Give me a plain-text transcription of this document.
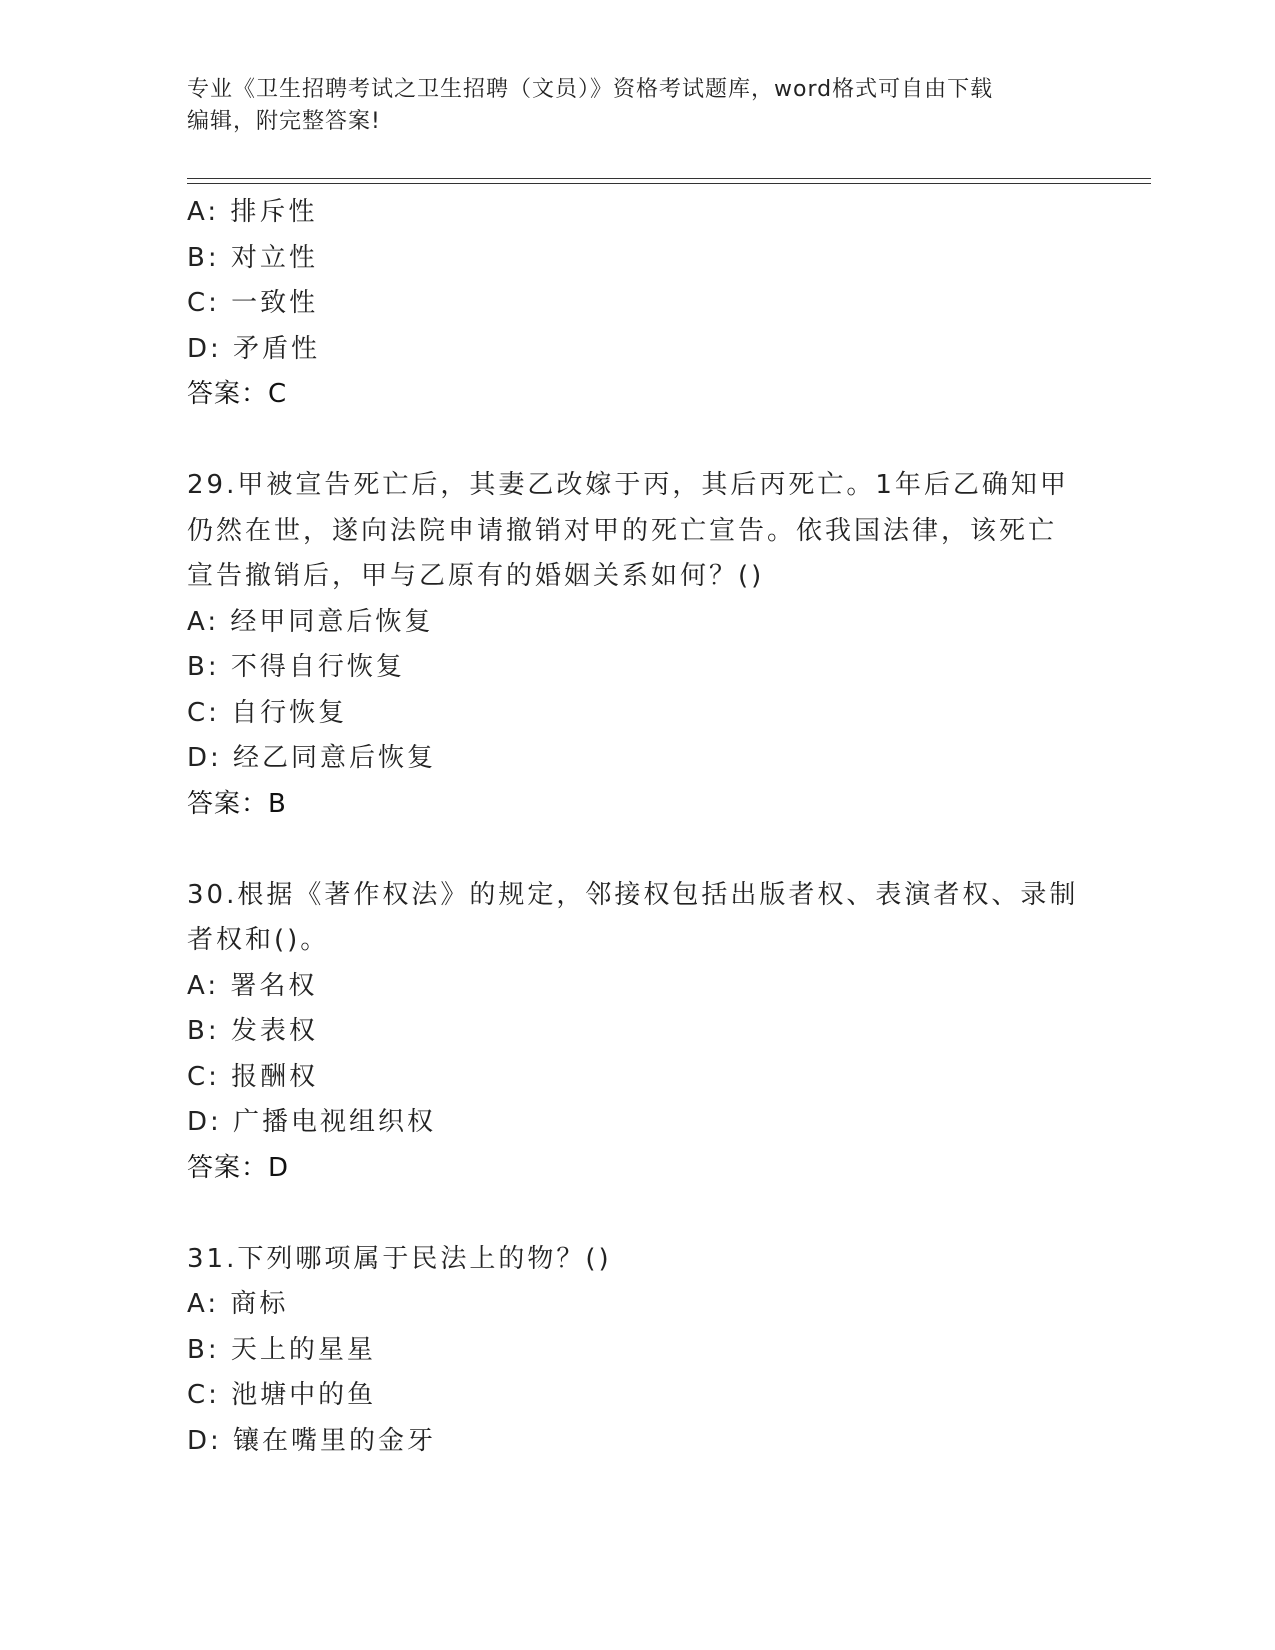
专业《卫生招聘考试之卫生招聘（文员）》资格考试题库，word格式可自由下载
编辑，附完整答案!
A: 排斥性
B: 对立性
C: 一致性
D: 矛盾性
答案：C
29.甲被宣告死亡后，其妻乙改嫁于丙，其后丙死亡。1年后乙确知甲
仍然在世，遂向法院申请撤销对甲的死亡宣告。依我国法律，该死亡
宣告撤销后，甲与乙原有的婚姻关系如何？()
A: 经甲同意后恢复
B: 不得自行恢复
C: 自行恢复
D: 经乙同意后恢复
答案：B
30.根据《著作权法》的规定，邻接权包括出版者权、表演者权、录制
者权和()。
A: 署名权
B: 发表权
C: 报酬权
D: 广播电视组织权
答案：D
31.下列哪项属于民法上的物？()
A: 商标
B: 天上的星星
C: 池塘中的鱼
D: 镶在嘴里的金牙
